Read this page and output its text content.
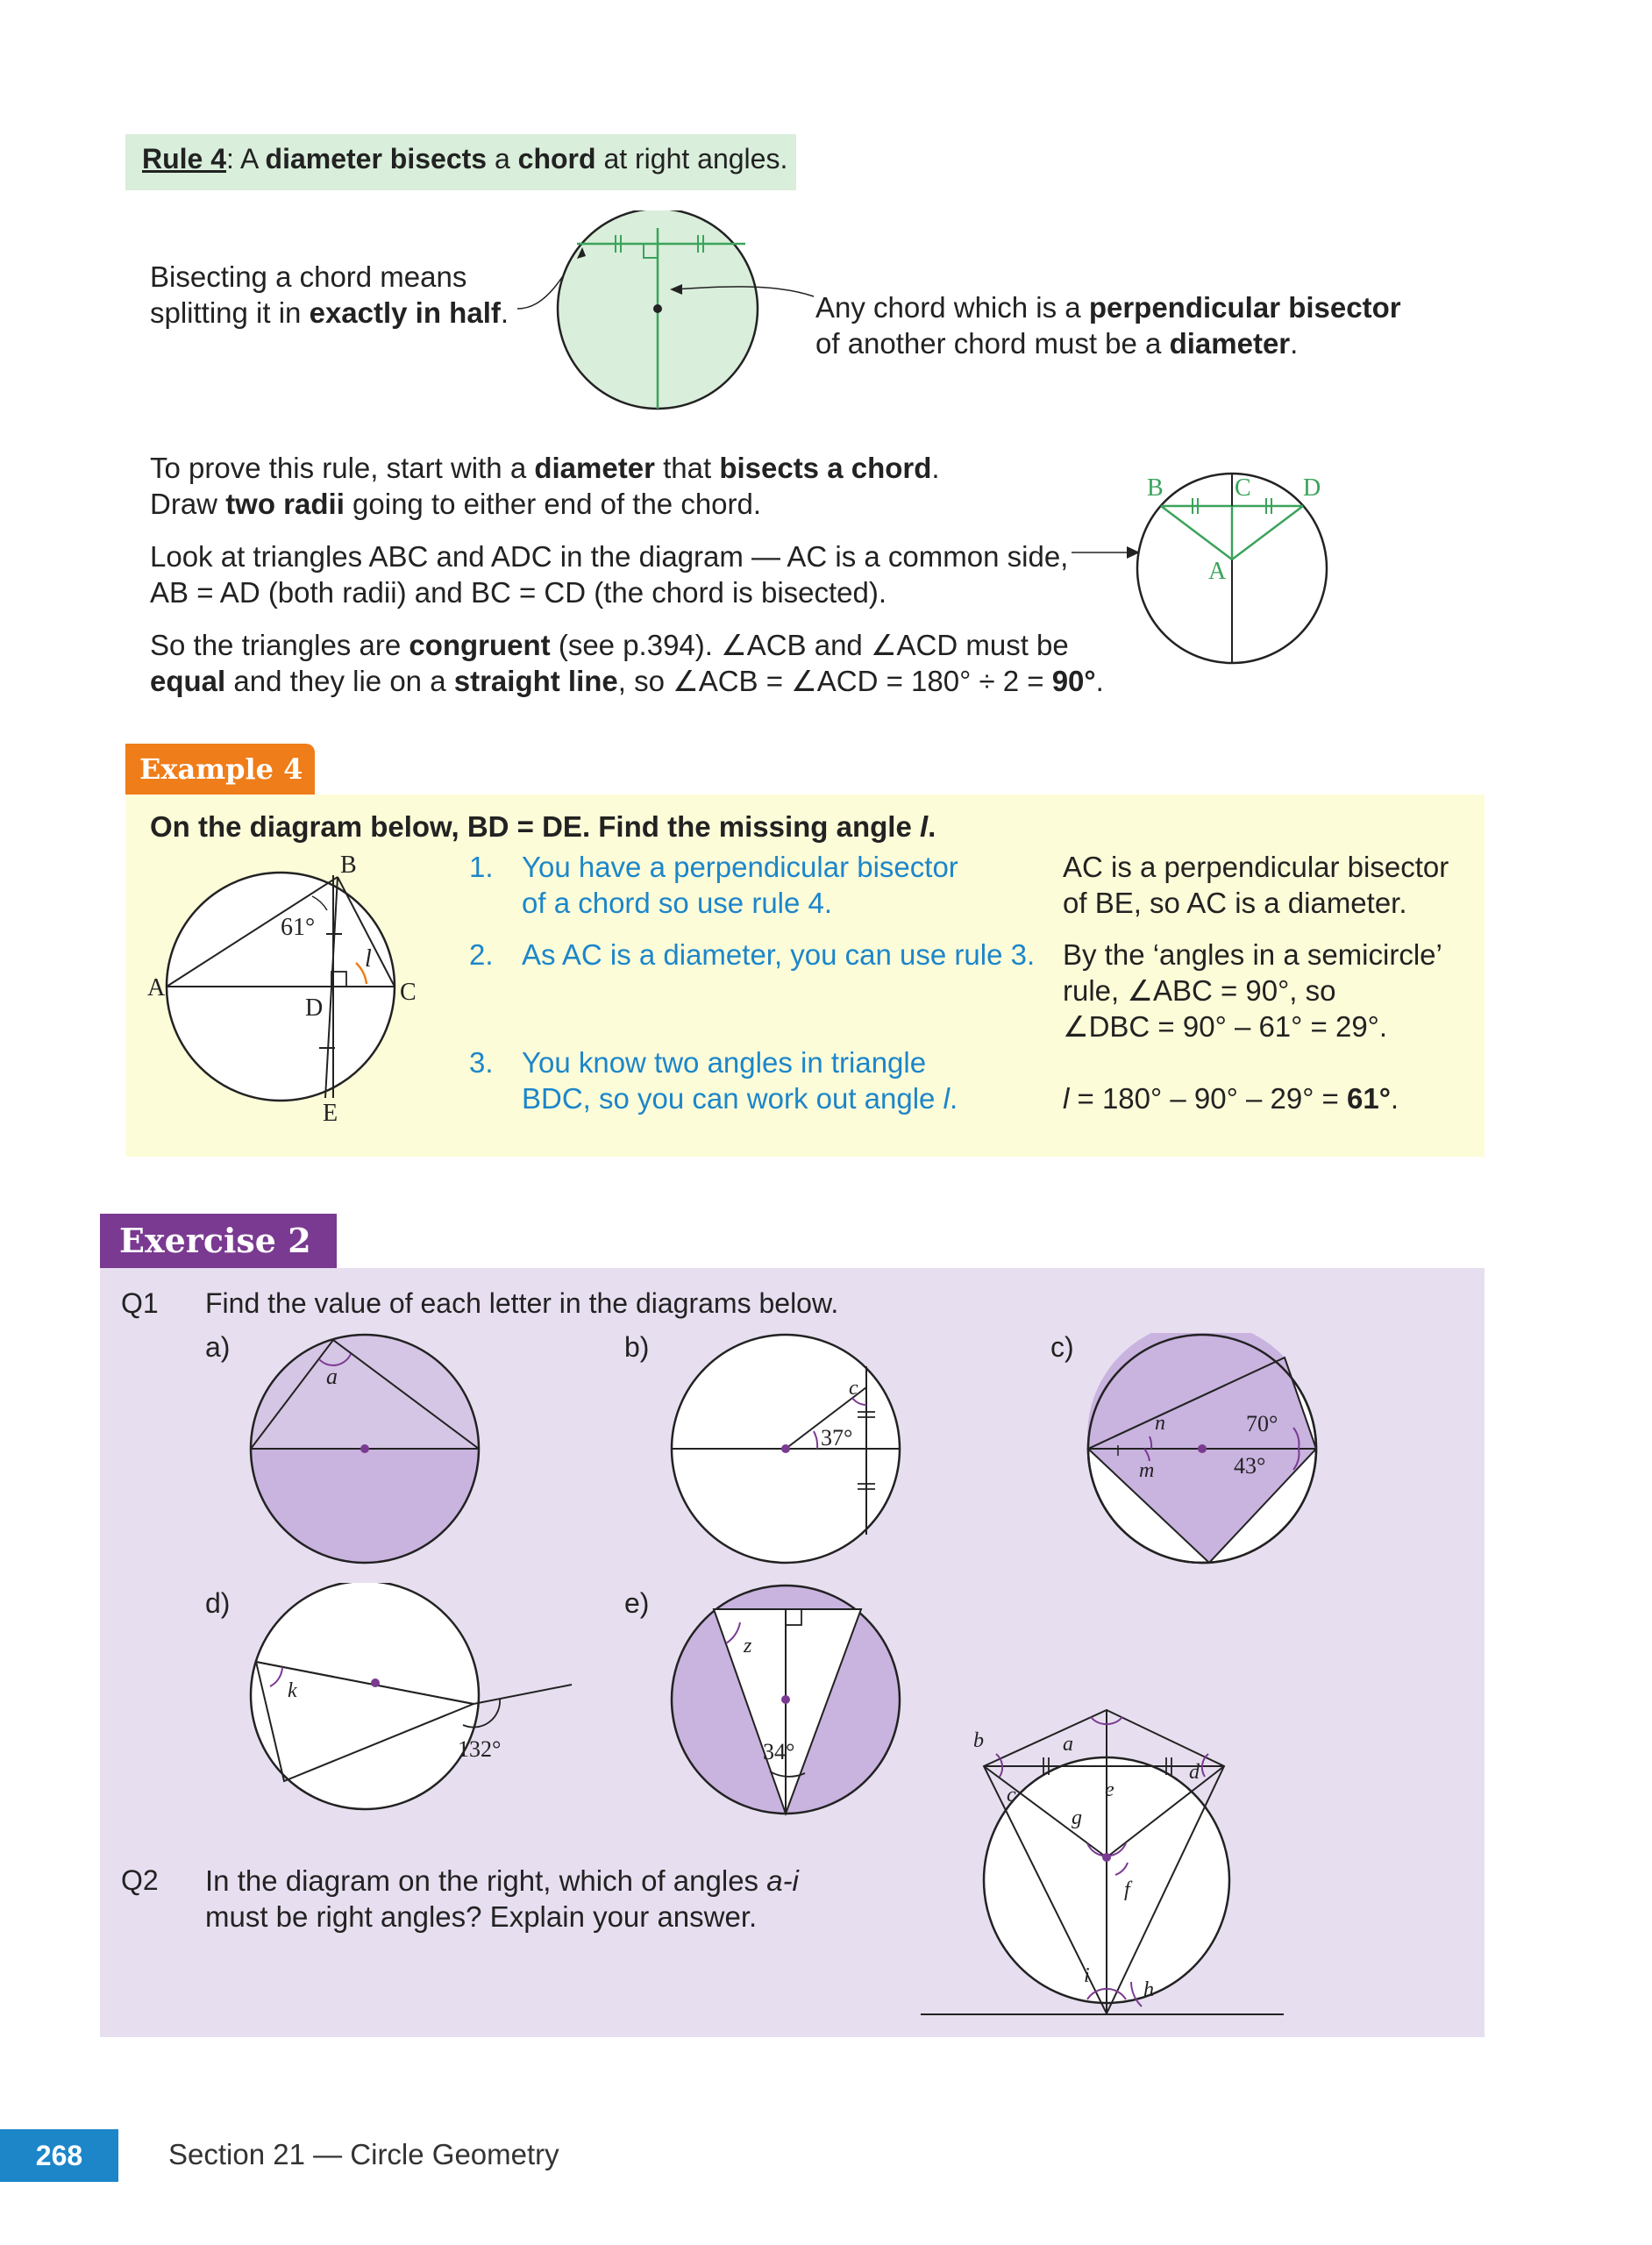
Rule 4: A diameter bisects a chord at right angles.
Bisecting a chord means
splitting it in exactly in half.	Any chord which is a perpendicular bisector
of another chord must be a diameter.
To prove this rule, start with a diameter that bisects a chord.
Draw two radii going to either end of the chord.
Look at triangles ABC and ADC in the diagram — AC is a common side,
AB = AD (both radii) and BC = CD (the chord is bisected).
So the triangles are congruent (see p.394). ∠ACB and ∠ACD must be
equal and they lie on a straight line, so ∠ACB = ∠ACD = 180° ÷ 2 = 90°.
B	C D
A
Example 4
On the diagram below, BD = DE. Find the missing angle l.
B
A	C
D
E
61°
l
1. You have a perpendicular bisector
of a chord so use rule 4.
2. As AC is a diameter, you can use rule 3.
3. You know two angles in triangle
BDC, so you can work out angle l.
AC is a perpendicular bisector
of BE, so AC is a diameter.
By the ‘angles in a semicircle’
rule, ∠ABC = 90°, so
∠DBC = 90° – 61° = 29°.
l = 180° – 90° – 29° = 61°.
Exercise 2
Q1 Find the value of each letter in the diagrams below.
a)	b)	c)
d)	e)
a
37°
c
n
m
70°
43°
k
132°
z
34°
Q2 In the diagram on the right, which of angles a-i
must be right angles? Explain your answer.
b	a
c
d
e
g
f
i
h
268	Section 21 — Circle Geometry
